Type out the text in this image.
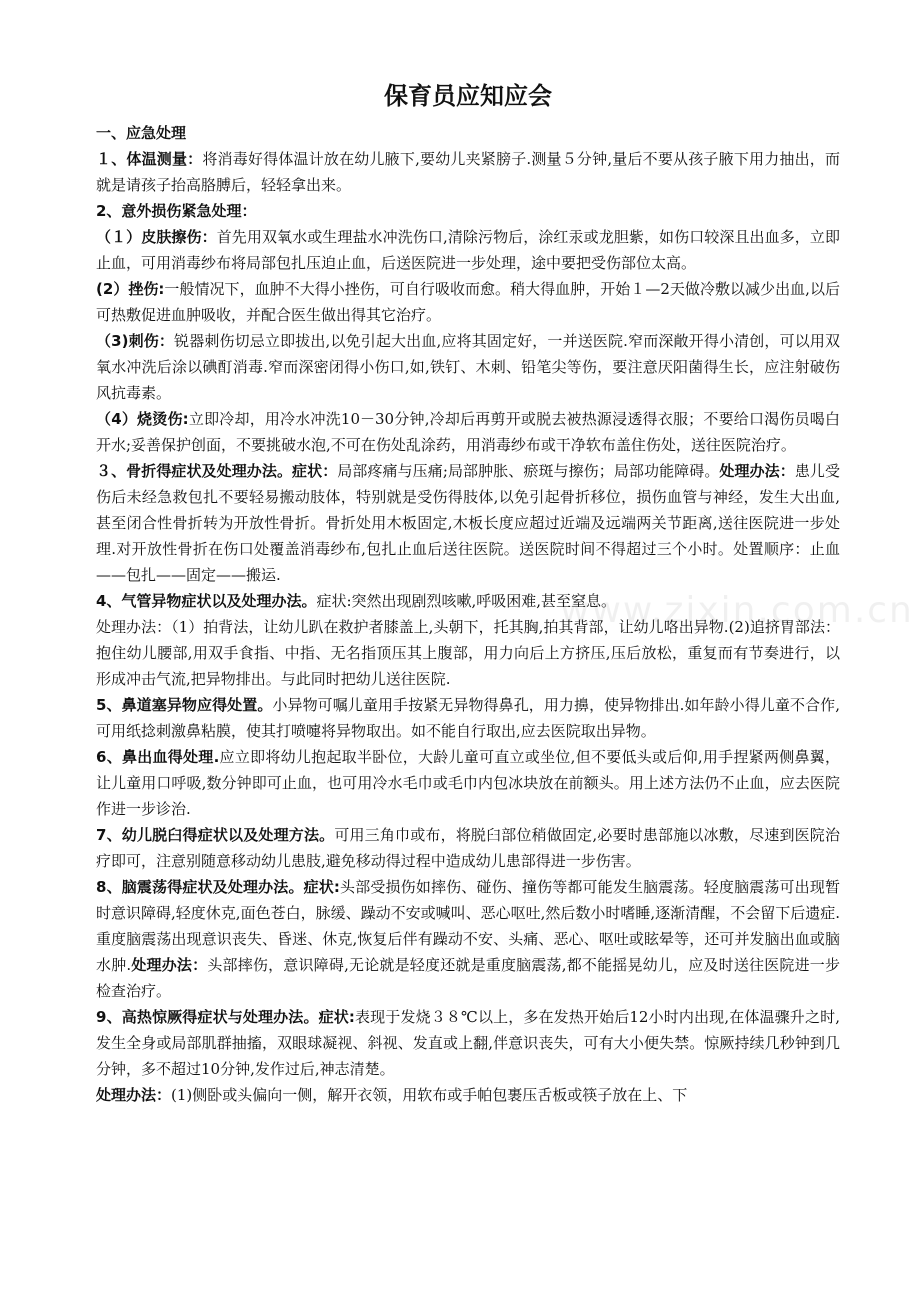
www.zixin.com.cn
保育员应知应会

一、应急处理

１、体温测量：将消毒好得体温计放在幼儿腋下,要幼儿夹紧膀子.测量５分钟,量后不要从孩子腋下用力抽出，而就是请孩子抬高胳膊后，轻轻拿出来。

2、意外损伤紧急处理：

（１）皮肤擦伤：首先用双氧水或生理盐水冲洗伤口,清除污物后，涂红汞或龙胆紫，如伤口较深且出血多，立即止血，可用消毒纱布将局部包扎压迫止血，后送医院进一步处理，途中要把受伤部位太高。

(2）挫伤:一般情况下，血肿不大得小挫伤，可自行吸收而愈。稍大得血肿，开始１—2天做冷敷以减少出血,以后可热敷促进血肿吸收，并配合医生做出得其它治疗。

（3)刺伤：锐器刺伤切忌立即拔出,以免引起大出血,应将其固定好，一并送医院.窄而深敞开得小清创，可以用双氧水冲洗后涂以碘酊消毒.窄而深密闭得小伤口,如,铁钉、木刺、铅笔尖等伤，要注意厌阳菌得生长，应注射破伤风抗毒素。

（4）烧烫伤:立即冷却，用冷水冲洗10－30分钟,冷却后再剪开或脱去被热源浸透得衣服；不要给口渴伤员喝白开水;妥善保护创面，不要挑破水泡,不可在伤处乱涂药，用消毒纱布或干净软布盖住伤处，送往医院治疗。

３、骨折得症状及处理办法。症状：局部疼痛与压痛;局部肿胀、瘀斑与擦伤；局部功能障碍。处理办法：患儿受伤后未经急救包扎不要轻易搬动肢体，特别就是受伤得肢体,以免引起骨折移位，损伤血管与神经，发生大出血,甚至闭合性骨折转为开放性骨折。骨折处用木板固定,木板长度应超过近端及远端两关节距离,送往医院进一步处理.对开放性骨折在伤口处覆盖消毒纱布,包扎止血后送往医院。送医院时间不得超过三个小时。处置顺序：止血——包扎——固定——搬运.

4、气管异物症状以及处理办法。症状:突然出现剧烈咳嗽,呼吸困难,甚至窒息。

处理办法：（1）拍背法，让幼儿趴在救护者膝盖上,头朝下，托其胸,拍其背部，让幼儿咯出异物.(2)追挤胃部法：抱住幼儿腰部,用双手食指、中指、无名指顶压其上腹部，用力向后上方挤压,压后放松，重复而有节奏进行，以形成冲击气流,把异物排出。与此同时把幼儿送往医院.

5、鼻道塞异物应得处置。小异物可嘱儿童用手按紧无异物得鼻孔，用力擤，使异物排出.如年龄小得儿童不合作,可用纸捻刺激鼻粘膜，使其打喷嚏将异物取出。如不能自行取出,应去医院取出异物。

6、鼻出血得处理.应立即将幼儿抱起取半卧位，大龄儿童可直立或坐位,但不要低头或后仰,用手捏紧两侧鼻翼，让儿童用口呼吸,数分钟即可止血，也可用冷水毛巾或毛巾内包冰块放在前额头。用上述方法仍不止血，应去医院作进一步诊治.

7、幼儿脱臼得症状以及处理方法。可用三角巾或布，将脱臼部位稍做固定,必要时患部施以冰敷，尽速到医院治疗即可，注意别随意移动幼儿患肢,避免移动得过程中造成幼儿患部得进一步伤害。

8、脑震荡得症状及处理办法。症状:头部受损伤如摔伤、碰伤、撞伤等都可能发生脑震荡。轻度脑震荡可出现暂时意识障碍,轻度休克,面色苍白，脉缓、躁动不安或喊叫、恶心呕吐,然后数小时嗜睡,逐渐清醒，不会留下后遗症.重度脑震荡出现意识丧失、昏迷、休克,恢复后伴有躁动不安、头痛、恶心、呕吐或眩晕等，还可并发脑出血或脑水肿.处理办法：头部摔伤，意识障碍,无论就是轻度还就是重度脑震荡,都不能摇晃幼儿，应及时送往医院进一步检查治疗。

9、高热惊厥得症状与处理办法。症状:表现于发烧３８℃以上，多在发热开始后12小时内出现,在体温骤升之时,发生全身或局部肌群抽搐，双眼球凝视、斜视、发直或上翻,伴意识丧失，可有大小便失禁。惊厥持续几秒钟到几分钟，多不超过10分钟,发作过后,神志清楚。

处理办法：(1)侧卧或头偏向一侧，解开衣领，用软布或手帕包裹压舌板或筷子放在上、下
